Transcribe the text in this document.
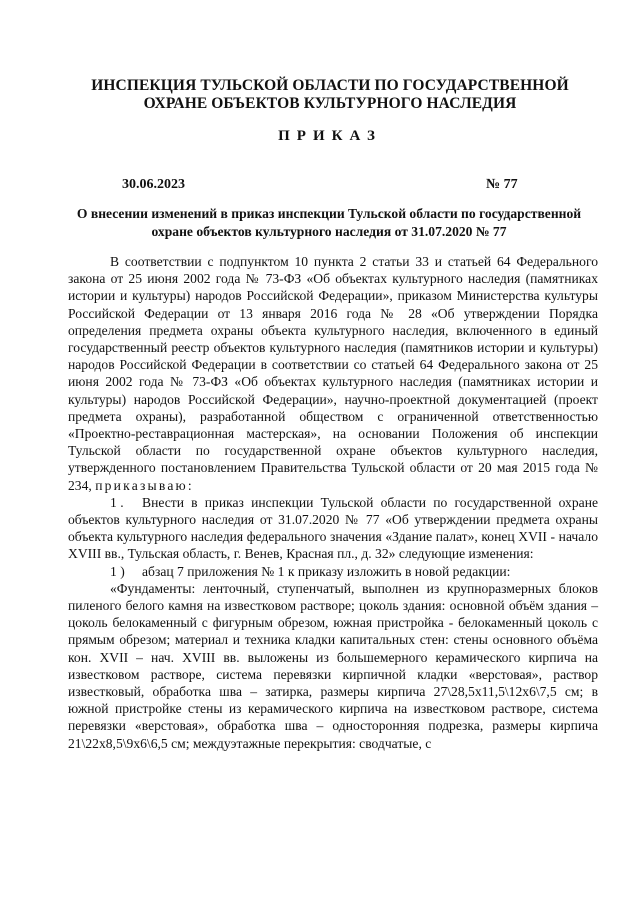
ИНСПЕКЦИЯ ТУЛЬСКОЙ ОБЛАСТИ ПО ГОСУДАРСТВЕННОЙ
ОХРАНЕ ОБЪЕКТОВ КУЛЬТУРНОГО НАСЛЕДИЯ
ПРИКАЗ
30.06.2023	№ 77
О внесении изменений в приказ инспекции Тульской области по государственной охране объектов культурного наследия от 31.07.2020 № 77

В соответствии с подпунктом 10 пункта 2 статьи 33 и статьей 64 Федерального закона от 25 июня 2002 года № 73-ФЗ «Об объектах культурного наследия (памятниках истории и культуры) народов Российской Федерации», приказом Министерства культуры Российской Федерации от 13 января 2016 года № 28 «Об утверждении Порядка определения предмета охраны объекта культурного наследия, включенного в единый государственный реестр объектов культурного наследия (памятников истории и культуры) народов Российской Федерации в соответствии со статьей 64 Федерального закона от 25 июня 2002 года № 73-ФЗ «Об объектах культурного наследия (памятниках истории и культуры) народов Российской Федерации», научно-проектной документацией (проект предмета охраны), разработанной обществом с ограниченной ответственностью «Проектно-реставрационная мастерская», на основании Положения об инспекции Тульской области по государственной охране объектов культурного наследия, утвержденного постановлением Правительства Тульской области от 20 мая 2015 года № 234, приказываю:

1 . Внести в приказ инспекции Тульской области по государственной охране объектов культурного наследия от 31.07.2020 № 77 «Об утверждении предмета охраны объекта культурного наследия федерального значения «Здание палат», конец XVII - начало XVIII вв., Тульская область, г. Венев, Красная пл., д. 32» следующие изменения:

1 ) абзац 7 приложения № 1 к приказу изложить в новой редакции:

«Фундаменты: ленточный, ступенчатый, выполнен из крупноразмерных блоков пиленого белого камня на известковом растворе; цоколь здания: основной объём здания – цоколь белокаменный с фигурным обрезом, южная пристройка - белокаменный цоколь с прямым обрезом; материал и техника кладки капитальных стен: стены основного объёма кон. XVII – нач. XVIII вв. выложены из большемерного керамического кирпича на известковом растворе, система перевязки кирпичной кладки «верстовая», раствор известковый, обработка шва – затирка, размеры кирпича 27\28,5х11,5\12х6\7,5 см; в южной пристройке стены из керамического кирпича на известковом растворе, система перевязки «верстовая», обработка шва – односторонняя подрезка, размеры кирпича 21\22х8,5\9х6\6,5 см; междуэтажные перекрытия: сводчатые, с
